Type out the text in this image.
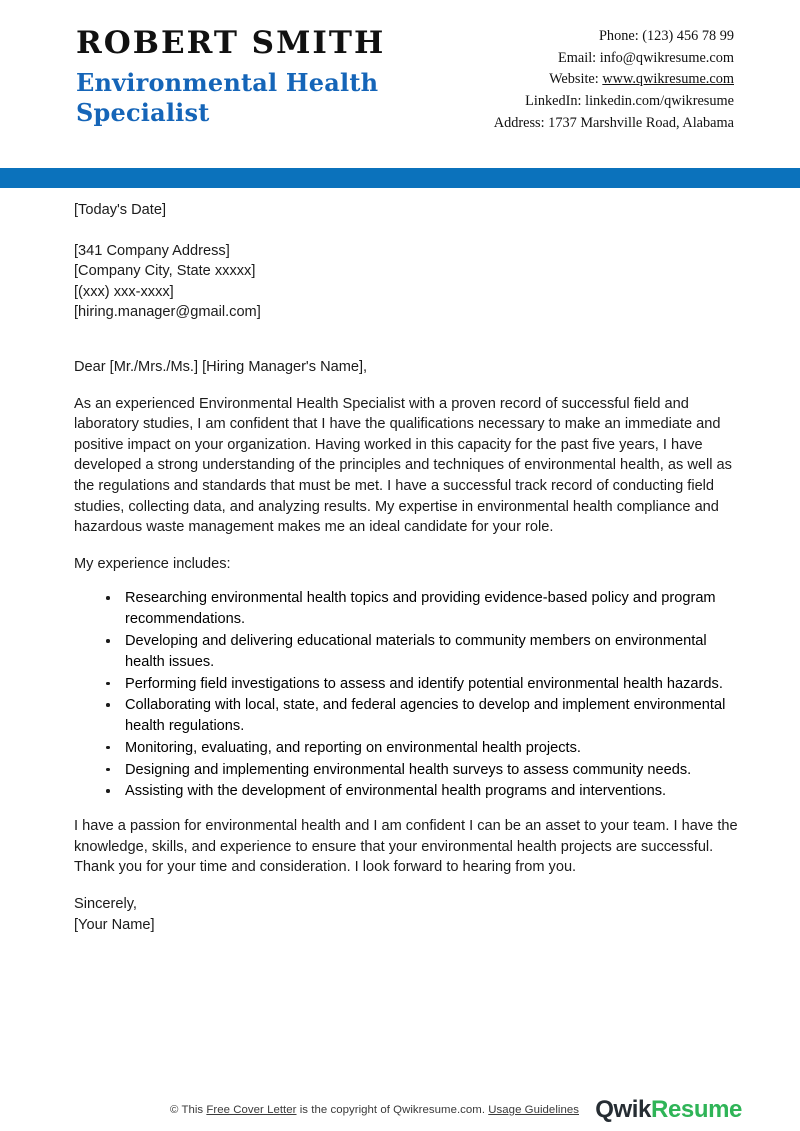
ROBERT SMITH
Environmental Health Specialist
Phone: (123) 456 78 99
Email: info@qwikresume.com
Website: www.qwikresume.com
LinkedIn: linkedin.com/qwikresume
Address: 1737 Marshville Road, Alabama
[Today's Date]
[341 Company Address]
[Company City, State xxxxx]
[(xxx) xxx-xxxx]
[hiring.manager@gmail.com]
Dear [Mr./Mrs./Ms.] [Hiring Manager's Name],
As an experienced Environmental Health Specialist with a proven record of successful field and laboratory studies, I am confident that I have the qualifications necessary to make an immediate and positive impact on your organization. Having worked in this capacity for the past five years, I have developed a strong understanding of the principles and techniques of environmental health, as well as the regulations and standards that must be met. I have a successful track record of conducting field studies, collecting data, and analyzing results. My expertise in environmental health compliance and hazardous waste management makes me an ideal candidate for your role.
My experience includes:
Researching environmental health topics and providing evidence-based policy and program recommendations.
Developing and delivering educational materials to community members on environmental health issues.
Performing field investigations to assess and identify potential environmental health hazards.
Collaborating with local, state, and federal agencies to develop and implement environmental health regulations.
Monitoring, evaluating, and reporting on environmental health projects.
Designing and implementing environmental health surveys to assess community needs.
Assisting with the development of environmental health programs and interventions.
I have a passion for environmental health and I am confident I can be an asset to your team. I have the knowledge, skills, and experience to ensure that your environmental health projects are successful. Thank you for your time and consideration. I look forward to hearing from you.
Sincerely,
[Your Name]
© This Free Cover Letter is the copyright of Qwikresume.com. Usage Guidelines QwikResume
